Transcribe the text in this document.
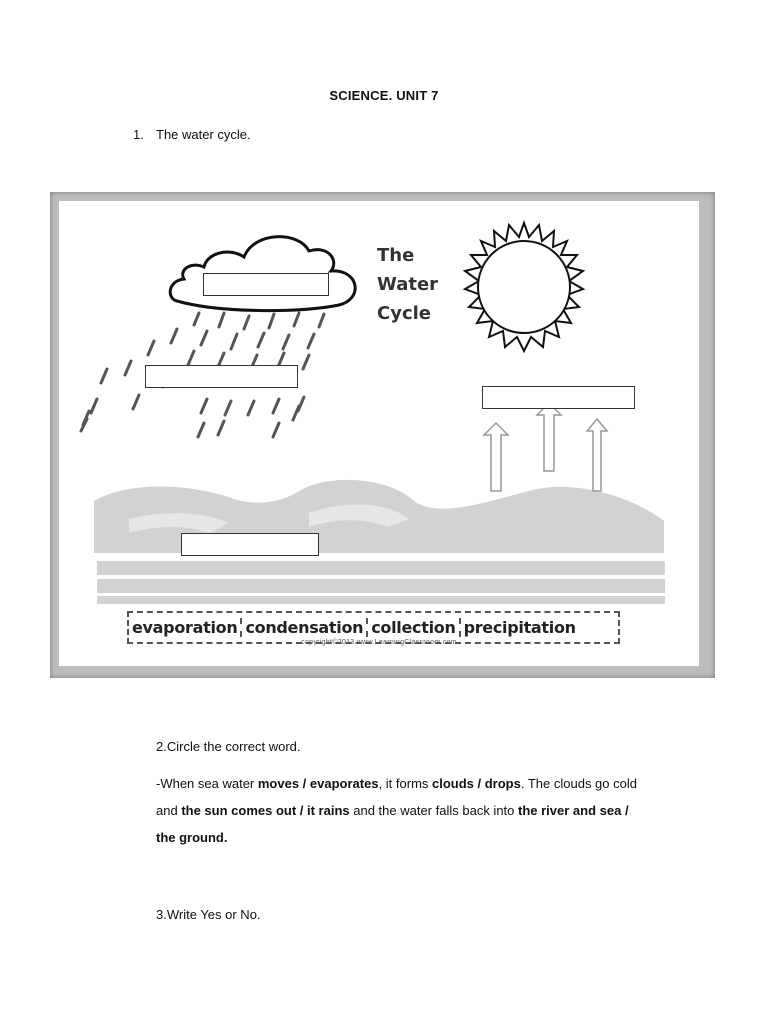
SCIENCE. UNIT 7
1. The water cycle.
The
Water
Cycle
evaporation condensation collection precipitation
copyright©2013 www.LearningClassroom.com
2.Circle the correct word.
-When sea water moves / evaporates, it forms clouds / drops. The clouds go cold and the sun comes out / it rains and the water falls back into the river and sea / the ground.
3.Write Yes or No.
